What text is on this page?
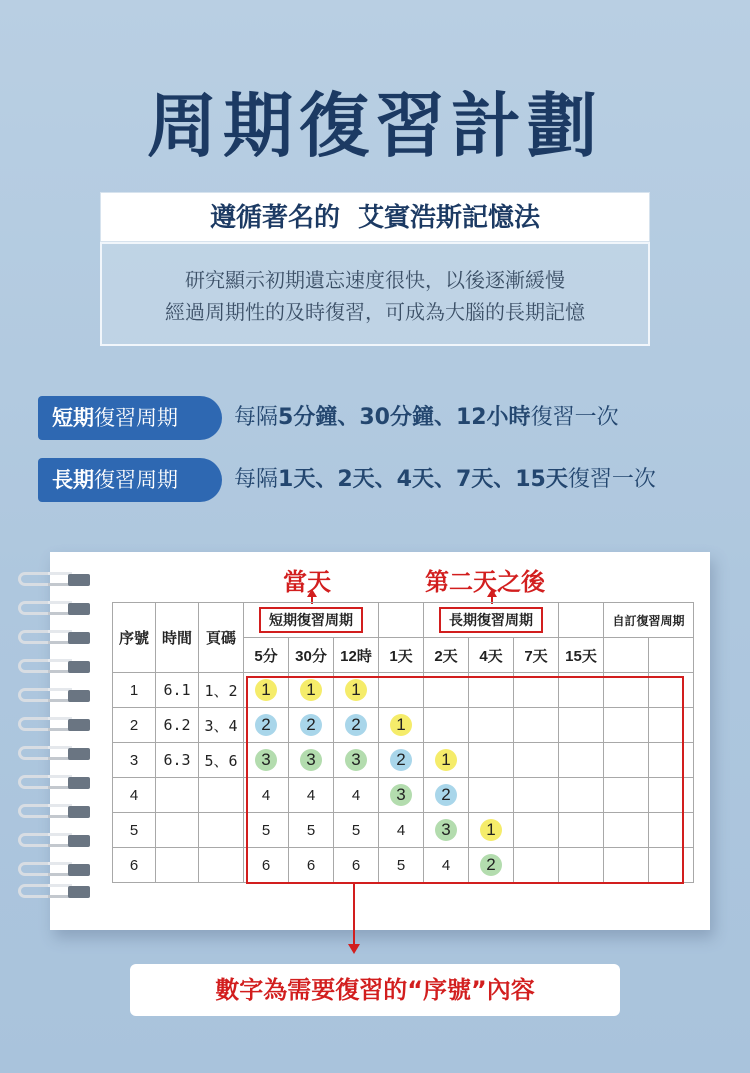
周期復習計劃
遵循著名的  艾賓浩斯記憶法
研究顯示初期遺忘速度很快，以後逐漸緩慢
經過周期性的及時復習，可成為大腦的長期記憶
短期復習周期	每隔5分鐘、30分鐘、12小時復習一次
長期復習周期	每隔1天、2天、4天、7天、15天復習一次
當天	第二天之後
序號	時間	頁碼	短期復習周期				長期復習周期				自訂復習周期	
			5分	30分	12時	1天	2天	4天	7天	15天		
1	6.1	1、2	1	1	1							
2	6.2	3、4	2	2	2	1						
3	6.3	5、6	3	3	3	2	1					
4			4	4	4	3	2					
5			5	5	5	4	3	1				
6			6	6	6	5	4	2				
數字為需要復習的“序號”內容
